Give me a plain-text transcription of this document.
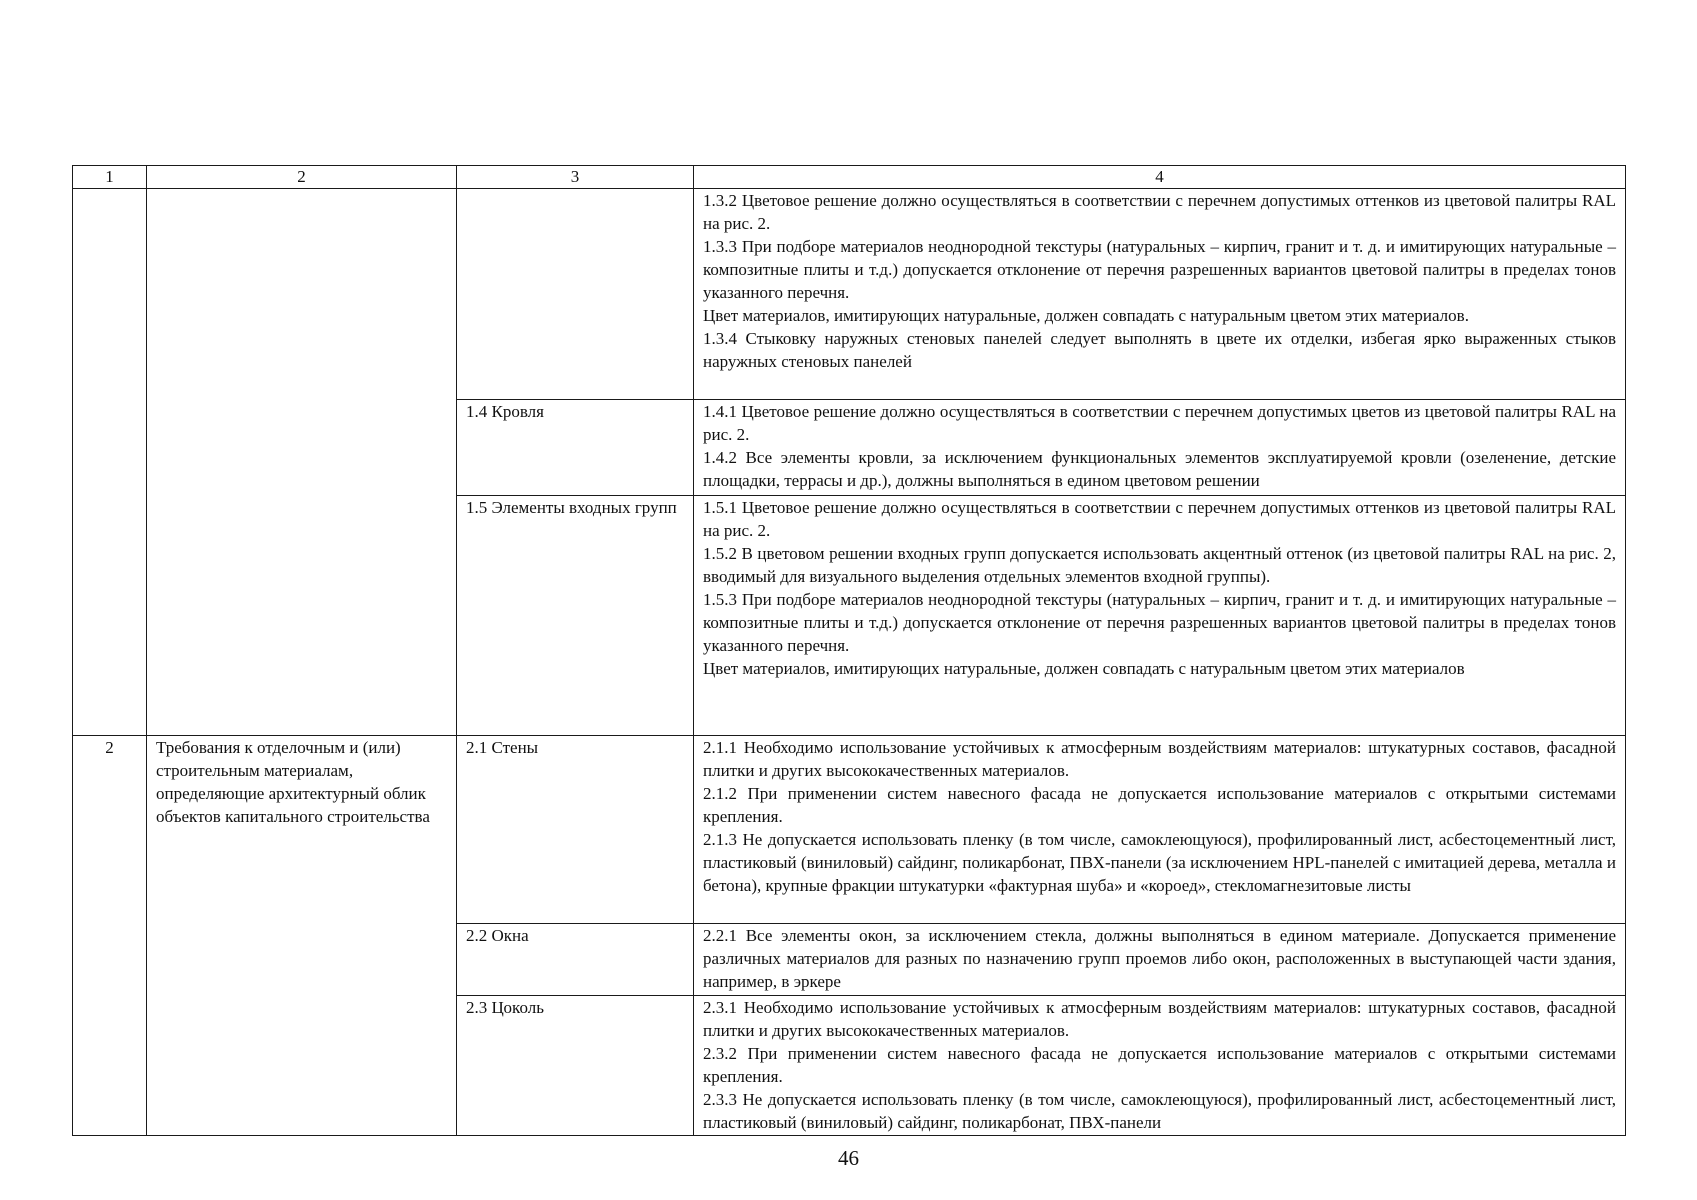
1	2	3	4

			1.3.2 Цветовое решение должно осуществляться в соответствии с перечнем допустимых оттенков из цветовой палитры RAL на рис. 2.

1.3.3 При подборе материалов неоднородной текстуры (натуральных – кирпич, гранит и т. д. и имитирующих натуральные – композитные плиты и т.д.) допускается отклонение от перечня разрешенных вариантов цветовой палитры в пределах тонов указанного перечня.

Цвет материалов, имитирующих натуральные, должен совпадать с натуральным цветом этих материалов.

1.3.4 Стыковку наружных стеновых панелей следует выполнять в цвете их отделки, избегая ярко выраженных стыков наружных стеновых панелей

		1.4 Кровля	1.4.1 Цветовое решение должно осуществляться в соответствии с перечнем допустимых цветов из цветовой палитры RAL на рис. 2.

1.4.2 Все элементы кровли, за исключением функциональных элементов эксплуатируемой кровли (озеленение, детские площадки, террасы и др.), должны выполняться в едином цветовом решении

		1.5 Элементы входных групп	1.5.1 Цветовое решение должно осуществляться в соответствии с перечнем допустимых оттенков из цветовой палитры RAL на рис. 2.

1.5.2 В цветовом решении входных групп допускается использовать акцентный оттенок (из цветовой палитры RAL на рис. 2, вводимый для визуального выделения отдельных элементов входной группы).

1.5.3 При подборе материалов неоднородной текстуры (натуральных – кирпич, гранит и т. д. и имитирующих натуральные – композитные плиты и т.д.) допускается отклонение от перечня разрешенных вариантов цветовой палитры в пределах тонов указанного перечня.

Цвет материалов, имитирующих натуральные, должен совпадать с натуральным цветом этих материалов

2	Требования к отделочным и (или) строительным материалам, определяющие архитектурный облик объектов капитального строительства	2.1 Стены	2.1.1 Необходимо использование устойчивых к атмосферным воздействиям материалов: штукатурных составов, фасадной плитки и других высококачественных материалов.

2.1.2 При применении систем навесного фасада не допускается использование материалов с открытыми системами крепления.

2.1.3 Не допускается использовать пленку (в том числе, самоклеющуюся), профилированный лист, асбестоцементный лист, пластиковый (виниловый) сайдинг, поликарбонат, ПВХ-панели (за исключением HPL-панелей с имитацией дерева, металла и бетона), крупные фракции штукатурки «фактурная шуба» и «короед», стекломагнезитовые листы

		2.2 Окна	2.2.1 Все элементы окон, за исключением стекла, должны выполняться в едином материале. Допускается применение различных материалов для разных по назначению групп проемов либо окон, расположенных в выступающей части здания, например, в эркере

		2.3 Цоколь	2.3.1 Необходимо использование устойчивых к атмосферным воздействиям материалов: штукатурных составов, фасадной плитки и других высококачественных материалов.

2.3.2 При применении систем навесного фасада не допускается использование материалов с открытыми системами крепления.

2.3.3 Не допускается использовать пленку (в том числе, самоклеющуюся), профилированный лист, асбестоцементный лист, пластиковый (виниловый) сайдинг, поликарбонат, ПВХ-панели

46
